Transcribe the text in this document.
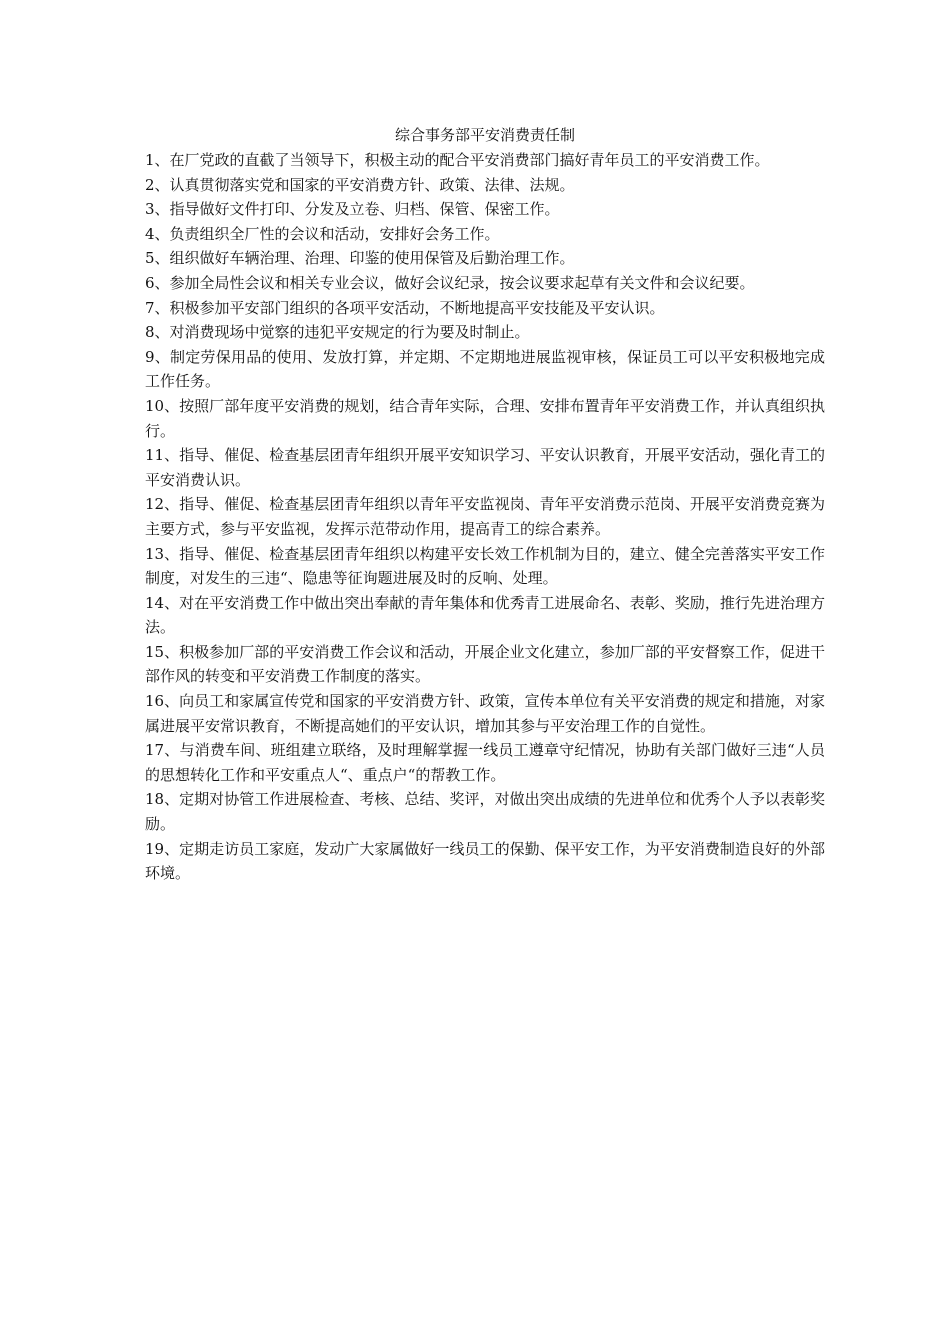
综合事务部平安消费责任制
1、在厂党政的直截了当领导下，积极主动的配合平安消费部门搞好青年员工的平安消费工作。
2、认真贯彻落实党和国家的平安消费方针、政策、法律、法规。
3、指导做好文件打印、分发及立卷、归档、保管、保密工作。
4、负责组织全厂性的会议和活动，安排好会务工作。
5、组织做好车辆治理、治理、印鉴的使用保管及后勤治理工作。
6、参加全局性会议和相关专业会议，做好会议纪录，按会议要求起草有关文件和会议纪要。
7、积极参加平安部门组织的各项平安活动，不断地提高平安技能及平安认识。
8、对消费现场中觉察的违犯平安规定的行为要及时制止。
9、制定劳保用品的使用、发放打算，并定期、不定期地进展监视审核，保证员工可以平安积极地完成工作任务。
10、按照厂部年度平安消费的规划，结合青年实际，合理、安排布置青年平安消费工作，并认真组织执行。
11、指导、催促、检查基层团青年组织开展平安知识学习、平安认识教育，开展平安活动，强化青工的平安消费认识。
12、指导、催促、检查基层团青年组织以青年平安监视岗、青年平安消费示范岗、开展平安消费竞赛为主要方式，参与平安监视，发挥示范带动作用，提高青工的综合素养。
13、指导、催促、检查基层团青年组织以构建平安长效工作机制为目的，建立、健全完善落实平安工作制度，对发生的三违“、隐患等征询题进展及时的反响、处理。
14、对在平安消费工作中做出突出奉献的青年集体和优秀青工进展命名、表彰、奖励，推行先进治理方法。
15、积极参加厂部的平安消费工作会议和活动，开展企业文化建立，参加厂部的平安督察工作，促进干部作风的转变和平安消费工作制度的落实。
16、向员工和家属宣传党和国家的平安消费方针、政策，宣传本单位有关平安消费的规定和措施，对家属进展平安常识教育，不断提高她们的平安认识，增加其参与平安治理工作的自觉性。
17、与消费车间、班组建立联络，及时理解掌握一线员工遵章守纪情况，协助有关部门做好三违“人员的思想转化工作和平安重点人“、重点户“的帮教工作。
18、定期对协管工作进展检查、考核、总结、奖评，对做出突出成绩的先进单位和优秀个人予以表彰奖励。
19、定期走访员工家庭，发动广大家属做好一线员工的保勤、保平安工作，为平安消费制造良好的外部环境。
